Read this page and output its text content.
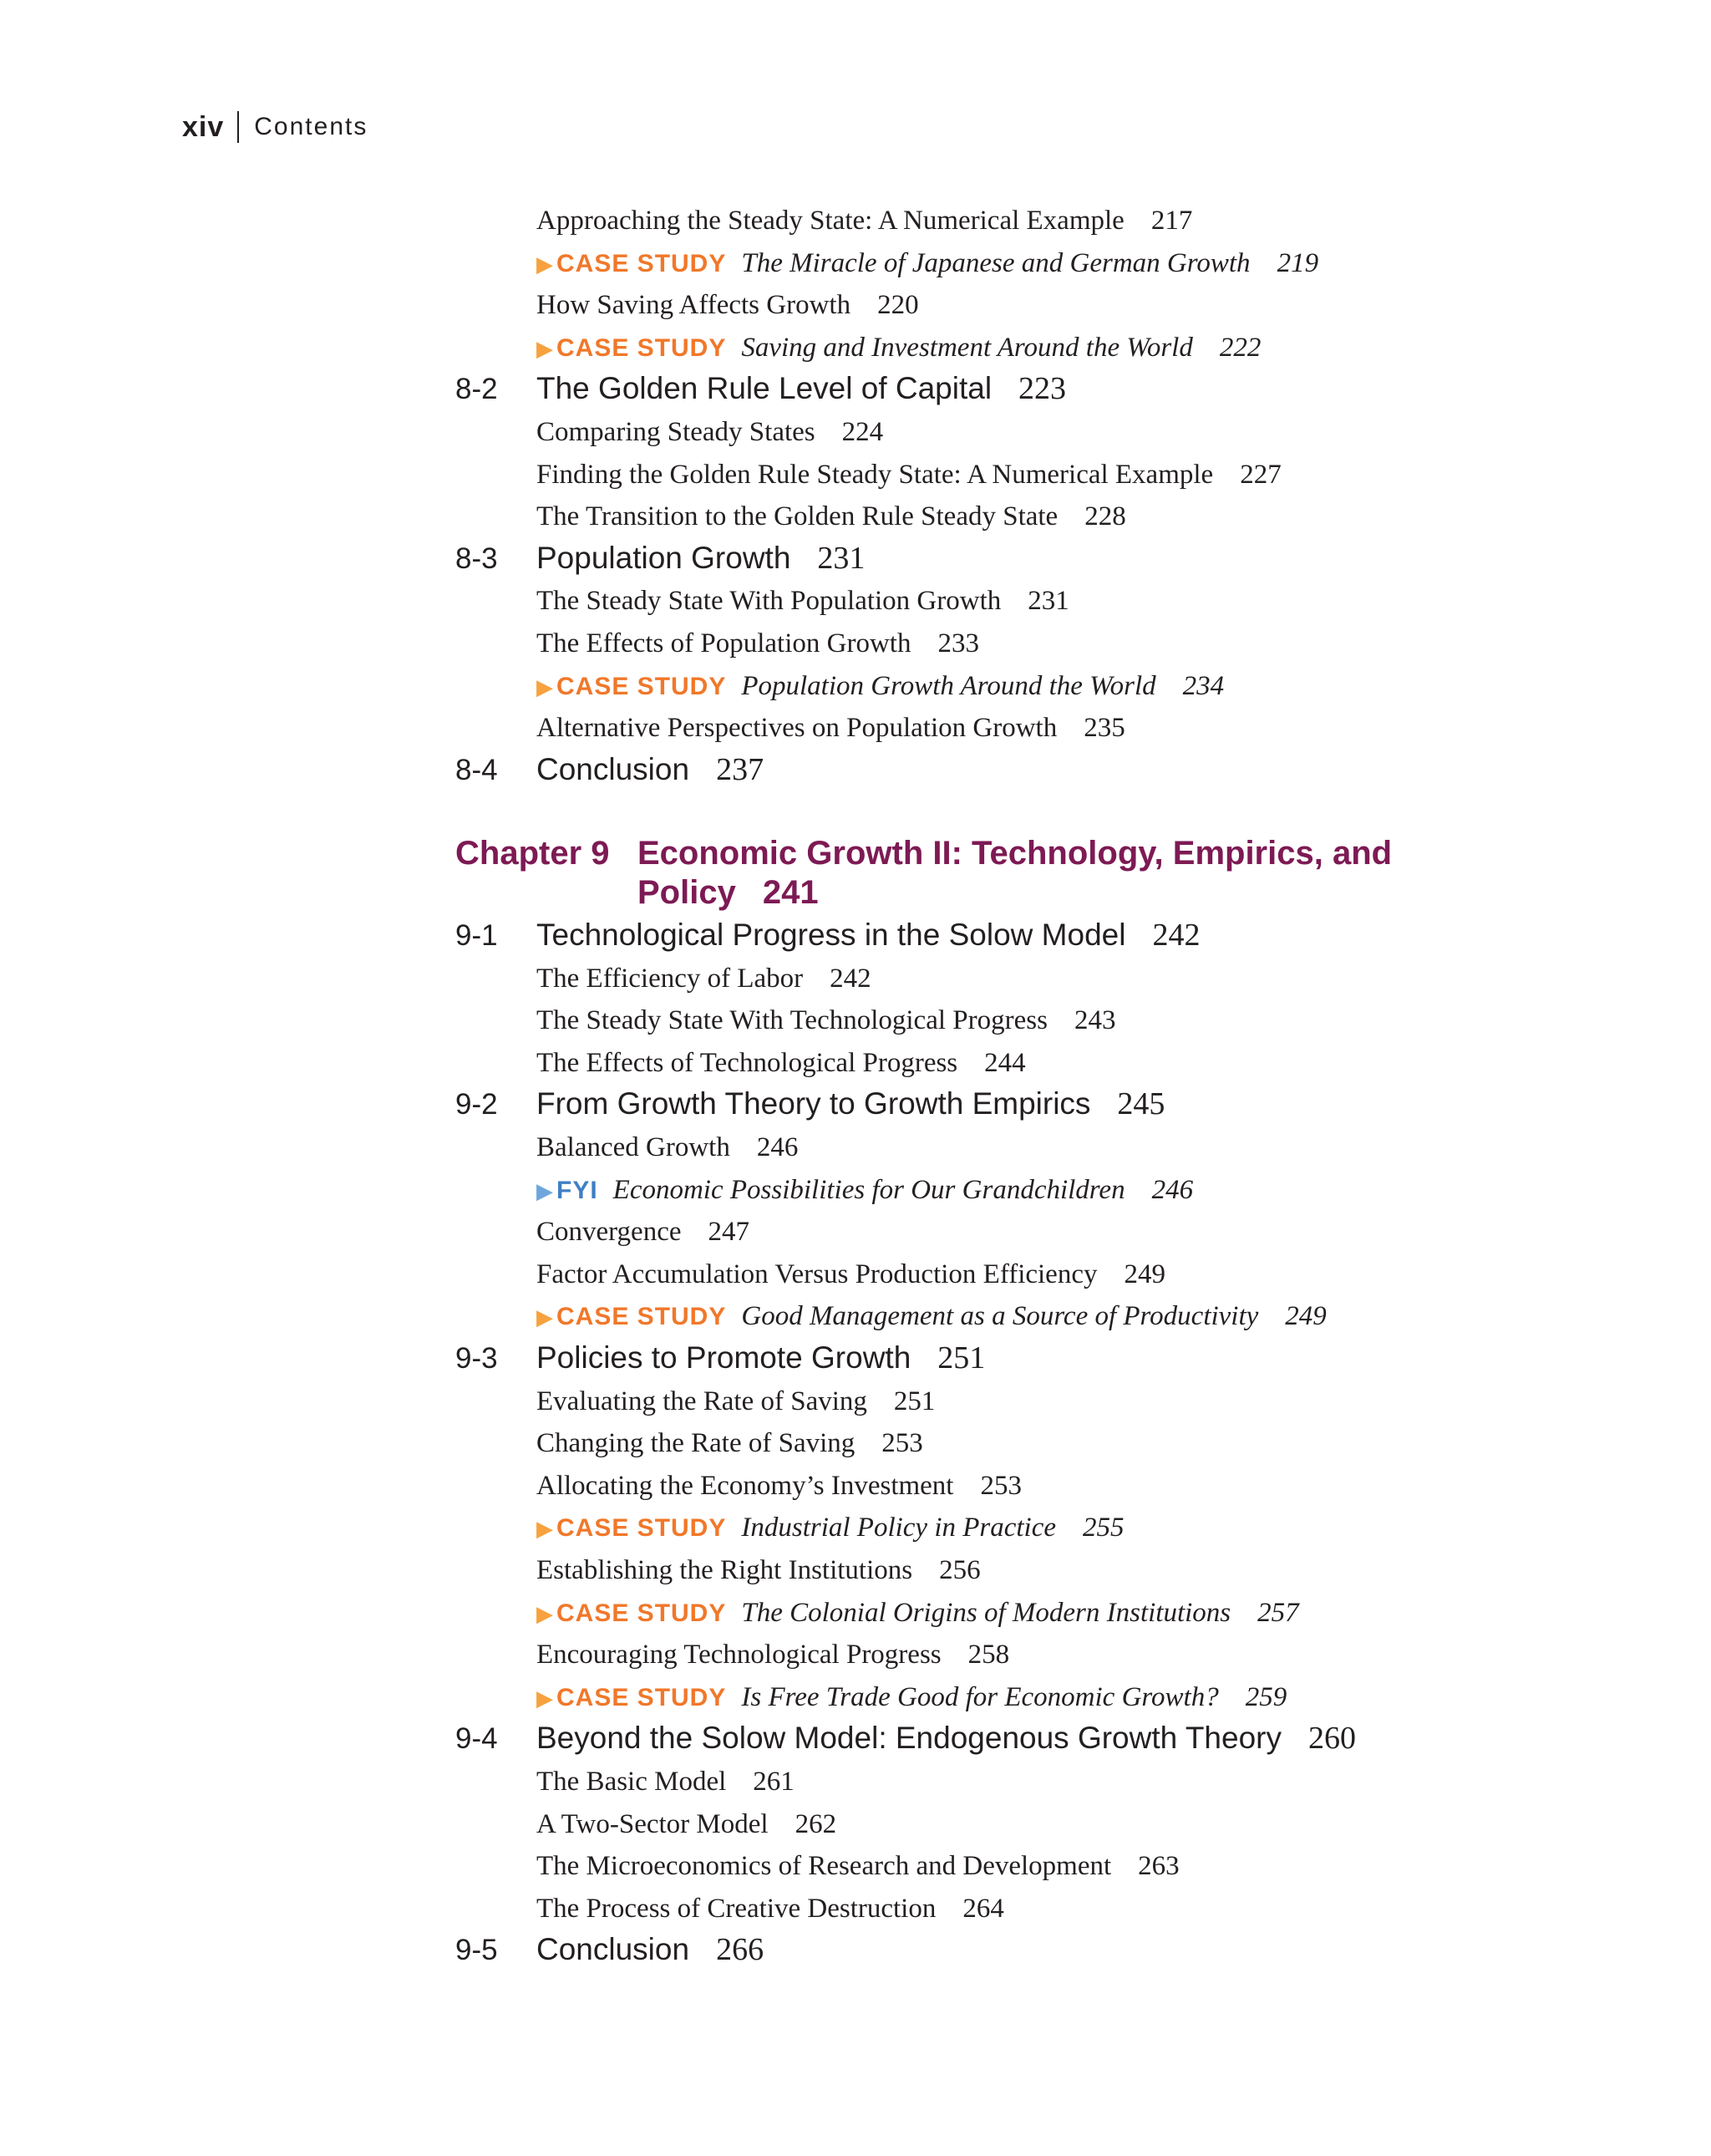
xiv Contents
Approaching the Steady State: A Numerical Example 217
▶ CASE STUDY The Miracle of Japanese and German Growth 219
How Saving Affects Growth 220
▶ CASE STUDY Saving and Investment Around the World 222
8-2	The Golden Rule Level of Capital 223
Comparing Steady States 224
Finding the Golden Rule Steady State: A Numerical Example 227
The Transition to the Golden Rule Steady State 228
8-3	Population Growth 231
The Steady State With Population Growth 231
The Effects of Population Growth 233
▶ CASE STUDY Population Growth Around the World 234
Alternative Perspectives on Population Growth 235
8-4	Conclusion 237
Chapter 9 Economic Growth II: Technology, Empirics, and Policy 241
9-1	Technological Progress in the Solow Model 242
The Efficiency of Labor 242
The Steady State With Technological Progress 243
The Effects of Technological Progress 244
9-2	From Growth Theory to Growth Empirics 245
Balanced Growth 246
▶ FYI Economic Possibilities for Our Grandchildren 246
Convergence 247
Factor Accumulation Versus Production Efficiency 249
▶ CASE STUDY Good Management as a Source of Productivity 249
9-3	Policies to Promote Growth 251
Evaluating the Rate of Saving 251
Changing the Rate of Saving 253
Allocating the Economy’s Investment 253
▶ CASE STUDY Industrial Policy in Practice 255
Establishing the Right Institutions 256
▶ CASE STUDY The Colonial Origins of Modern Institutions 257
Encouraging Technological Progress 258
▶ CASE STUDY Is Free Trade Good for Economic Growth? 259
9-4	Beyond the Solow Model: Endogenous Growth Theory 260
The Basic Model 261
A Two-Sector Model 262
The Microeconomics of Research and Development 263
The Process of Creative Destruction 264
9-5	Conclusion 266
